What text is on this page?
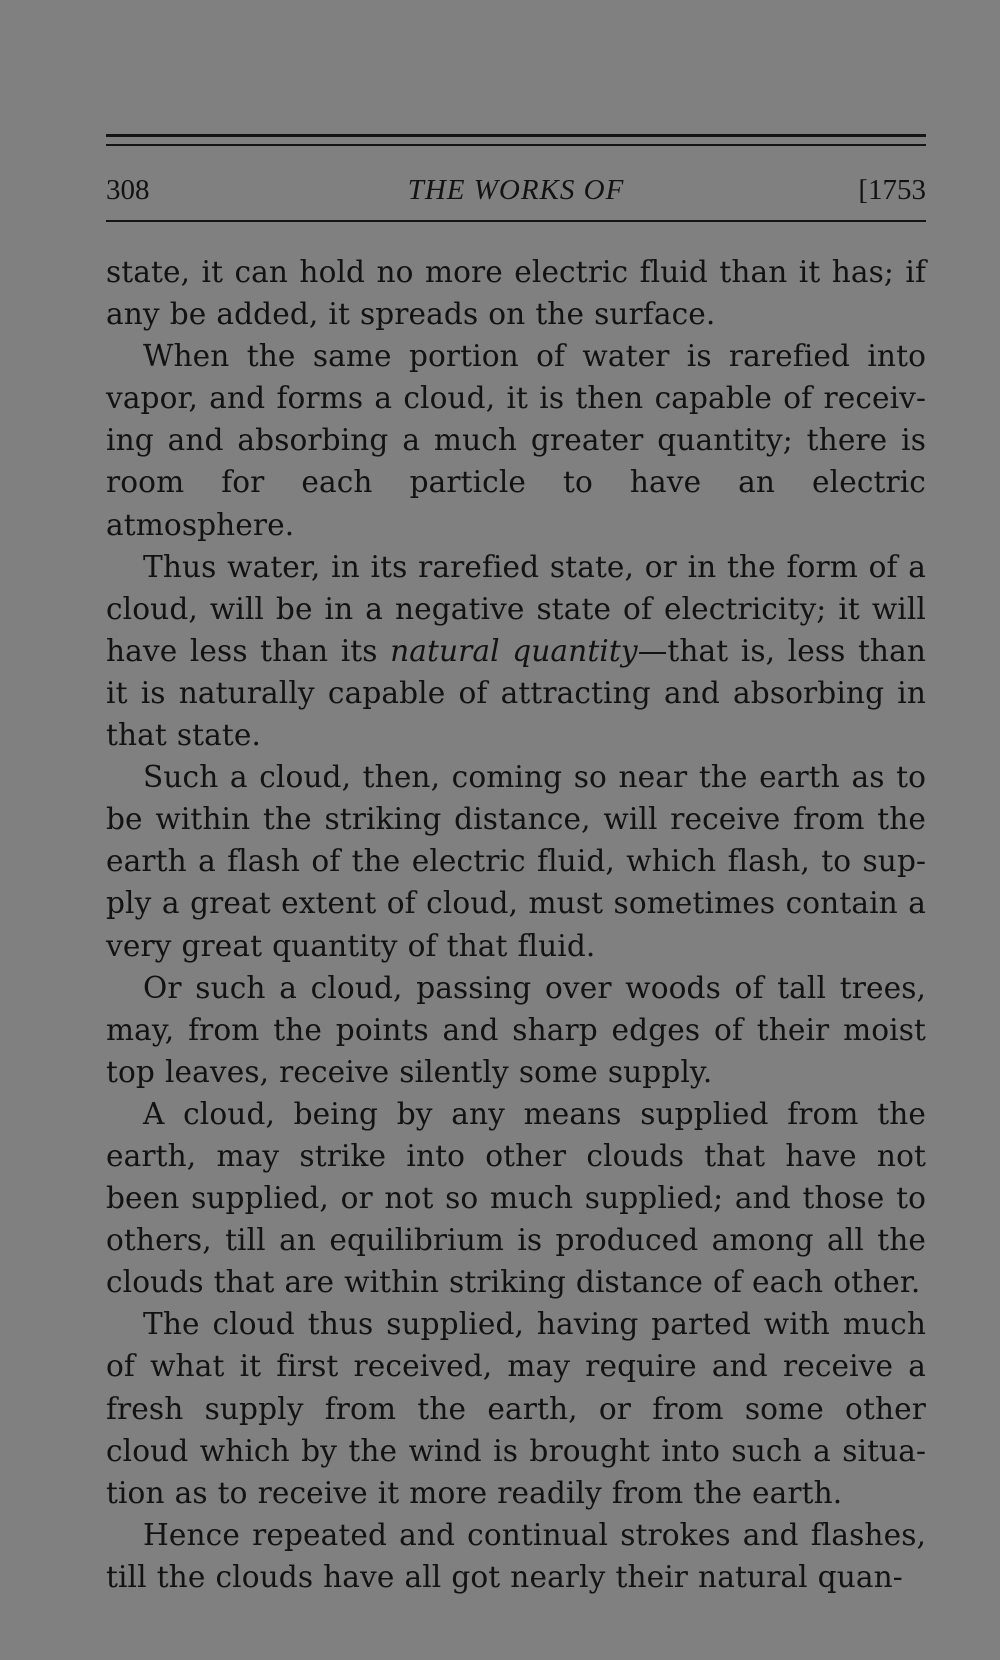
308	THE WORKS OF	[1753

state, it can hold no more electric fluid than it has; if any be added, it spreads on the surface.

When the same portion of water is rarefied into vapor, and forms a cloud, it is then capable of receiving and absorbing a much greater quantity; there is room for each particle to have an electric atmosphere.

Thus water, in its rarefied state, or in the form of a cloud, will be in a negative state of electricity; it will have less than its natural quantity—that is, less than it is naturally capable of attracting and absorbing in that state.

Such a cloud, then, coming so near the earth as to be within the striking distance, will receive from the earth a flash of the electric fluid, which flash, to supply a great extent of cloud, must sometimes contain a very great quantity of that fluid.

Or such a cloud, passing over woods of tall trees, may, from the points and sharp edges of their moist top leaves, receive silently some supply.

A cloud, being by any means supplied from the earth, may strike into other clouds that have not been supplied, or not so much supplied; and those to others, till an equilibrium is produced among all the clouds that are within striking distance of each other.

The cloud thus supplied, having parted with much of what it first received, may require and receive a fresh supply from the earth, or from some other cloud which by the wind is brought into such a situation as to receive it more readily from the earth.

Hence repeated and continual strokes and flashes, till the clouds have all got nearly their natural quan-
